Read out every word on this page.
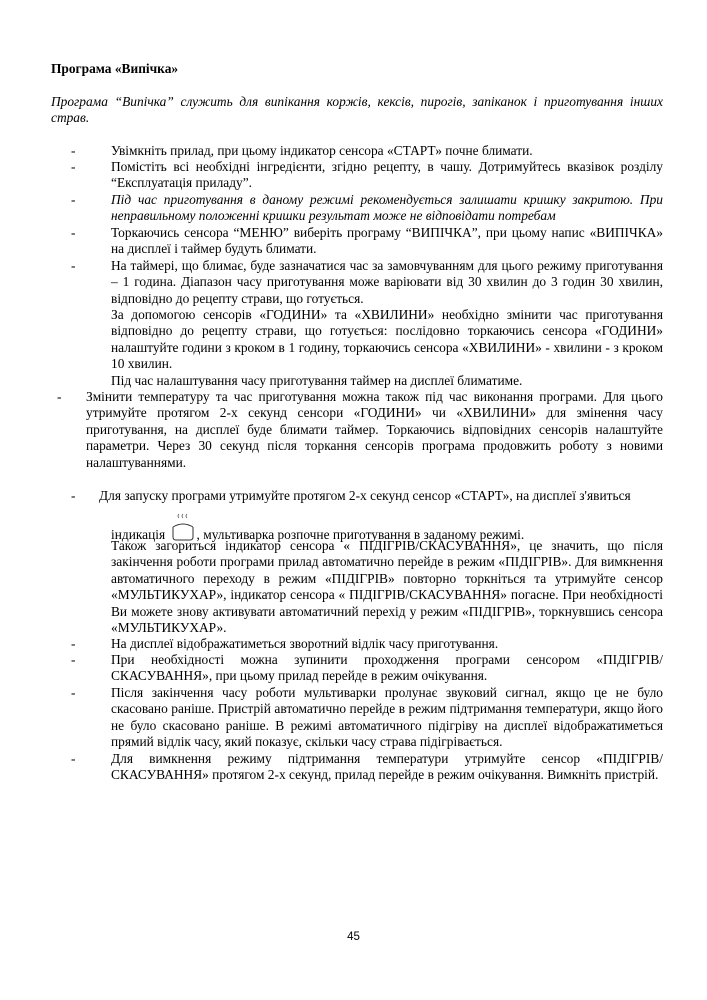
Програма «Випічка»
Програма “Випічка” служить для випікання коржів, кексів, пирогів, запіканок і приготування інших страв.
-	Увімкніть прилад, при цьому індикатор сенсора «СТАРТ» почне блимати.
-	Помістіть всі необхідні інгредієнти, згідно рецепту, в чашу. Дотримуйтесь вказівок розділу “Експлуатація приладу”.
-	Під час приготування в даному режимі рекомендується залишати кришку закритою. При неправильному положенні кришки результат може не відповідати потребам
-	Торкаючись сенсора “МЕНЮ” виберіть програму “ВИПІЧКА”, при цьому напис «ВИПІЧКА» на дисплеї і таймер будуть блимати.
-	На таймері, що блимає, буде зазначатися час за замовчуванням для цього режиму приготування – 1 година. Діапазон часу приготування може варіювати від 30 хвилин до 3 годин 30 хвилин, відповідно до рецепту страви, що готується.
За допомогою сенсорів «ГОДИНИ» та «ХВИЛИНИ» необхідно змінити час приготування відповідно до рецепту страви, що готується: послідовно торкаючись сенсора «ГОДИНИ» налаштуйте години з кроком в 1 годину, торкаючись сенсора «ХВИЛИНИ» - хвилини - з кроком 10 хвилин.
Під час налаштування часу приготування таймер на дисплеї блиматиме.
-	Змінити температуру та час приготування можна також під час виконання програми. Для цього утримуйте протягом 2-х секунд сенсори «ГОДИНИ» чи «ХВИЛИНИ» для змінення часу приготування, на дисплеї буде блимати таймер. Торкаючись відповідних сенсорів налаштуйте параметри. Через 30 секунд після торкання сенсорів програма продовжить роботу з новими налаштуваннями.
-	Для запуску програми утримуйте протягом 2-х секунд сенсор «СТАРТ», на дисплеї з'явиться
індикація , мультиварка розпочне приготування в заданому режимі.
Також загориться індикатор сенсора « ПІДІГРІВ/СКАСУВАННЯ», це значить, що після закінчення роботи програми прилад автоматично перейде в режим «ПІДІГРІВ». Для вимкнення автоматичного переходу в режим «ПІДІГРІВ» повторно торкніться та утримуйте сенсор «МУЛЬТИКУХАР», індикатор сенсора « ПІДІГРІВ/СКАСУВАННЯ» погасне. При необхідності Ви можете знову активувати автоматичний перехід у режим «ПІДІГРІВ», торкнувшись сенсора «МУЛЬТИКУХАР».
-	На дисплеї відображатиметься зворотний відлік часу приготування.
-	При необхідності можна зупинити проходження програми сенсором «ПІДІГРІВ/СКАСУВАННЯ», при цьому прилад перейде в режим очікування.
-	Після закінчення часу роботи мультиварки пролунає звуковий сигнал, якщо це не було скасовано раніше. Пристрій автоматично перейде в режим підтримання температури, якщо його не було скасовано раніше. В режимі автоматичного підігріву на дисплеї відображатиметься прямий відлік часу, який показує, скільки часу страва підігрівається.
-	Для вимкнення режиму підтримання температури утримуйте сенсор «ПІДІГРІВ/СКАСУВАННЯ» протягом 2-х секунд, прилад перейде в режим очікування. Вимкніть пристрій.
45
